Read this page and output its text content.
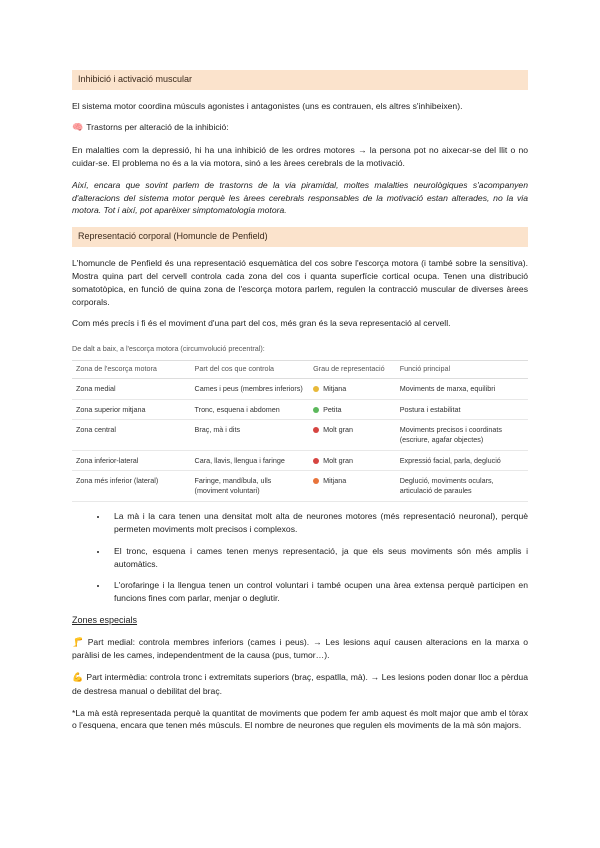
Inhibició i activació muscular

El sistema motor coordina músculs agonistes i antagonistes (uns es contrauen, els altres s'inhibeixen).

🧠 Trastorns per alteració de la inhibició:

En malalties com la depressió, hi ha una inhibició de les ordres motores → la persona pot no aixecar-se del llit o no cuidar-se. El problema no és a la via motora, sinó a les àrees cerebrals de la motivació.

Així, encara que sovint parlem de trastorns de la via piramidal, moltes malalties neurològiques s'acompanyen d'alteracions del sistema motor perquè les àrees cerebrals responsables de la motivació estan alterades, no la via motora. Tot i així, pot aparèixer simptomatologia motora.

Representació corporal (Homuncle de Penfield)

L'homuncle de Penfield és una representació esquemàtica del cos sobre l'escorça motora (i també sobre la sensitiva). Mostra quina part del cervell controla cada zona del cos i quanta superfície cortical ocupa. Tenen una distribució somatotòpica, en funció de quina zona de l'escorça motora parlem, regulen la contracció muscular de diverses àrees corporals.

Com més precís i fi és el moviment d'una part del cos, més gran és la seva representació al cervell.

De dalt a baix, a l'escorça motora (circumvolució precentral):
Zona de l'escorça motora	Part del cos que controla	Grau de representació	Funció principal
Zona medial	Cames i peus (membres inferiors)	Mitjana	Moviments de marxa, equilibri
Zona superior mitjana	Tronc, esquena i abdomen	Petita	Postura i estabilitat
Zona central	Braç, mà i dits	Molt gran	Moviments precisos i coordinats (escriure, agafar objectes)
Zona inferior-lateral	Cara, llavis, llengua i faringe	Molt gran	Expressió facial, parla, deglució
Zona més inferior (lateral)	Faringe, mandíbula, ulls (moviment voluntari)	Mitjana	Deglució, moviments oculars, articulació de paraules
• La mà i la cara tenen una densitat molt alta de neurones motores (més representació neuronal), perquè permeten moviments molt precisos i complexos.
• El tronc, esquena i cames tenen menys representació, ja que els seus moviments són més amplis i automàtics.
• L'orofaringe i la llengua tenen un control voluntari i també ocupen una àrea extensa perquè participen en funcions fines com parlar, menjar o deglutir.
Zones especials

🦵 Part medial: controla membres inferiors (cames i peus). → Les lesions aquí causen alteracions en la marxa o paràlisi de les cames, independentment de la causa (pus, tumor…).

💪 Part intermèdia: controla tronc i extremitats superiors (braç, espatlla, mà). → Les lesions poden donar lloc a pèrdua de destresa manual o debilitat del braç.

*La mà està representada perquè la quantitat de moviments que podem fer amb aquest és molt major que amb el tòrax o l'esquena, encara que tenen més músculs. El nombre de neurones que regulen els moviments de la mà són majors.
